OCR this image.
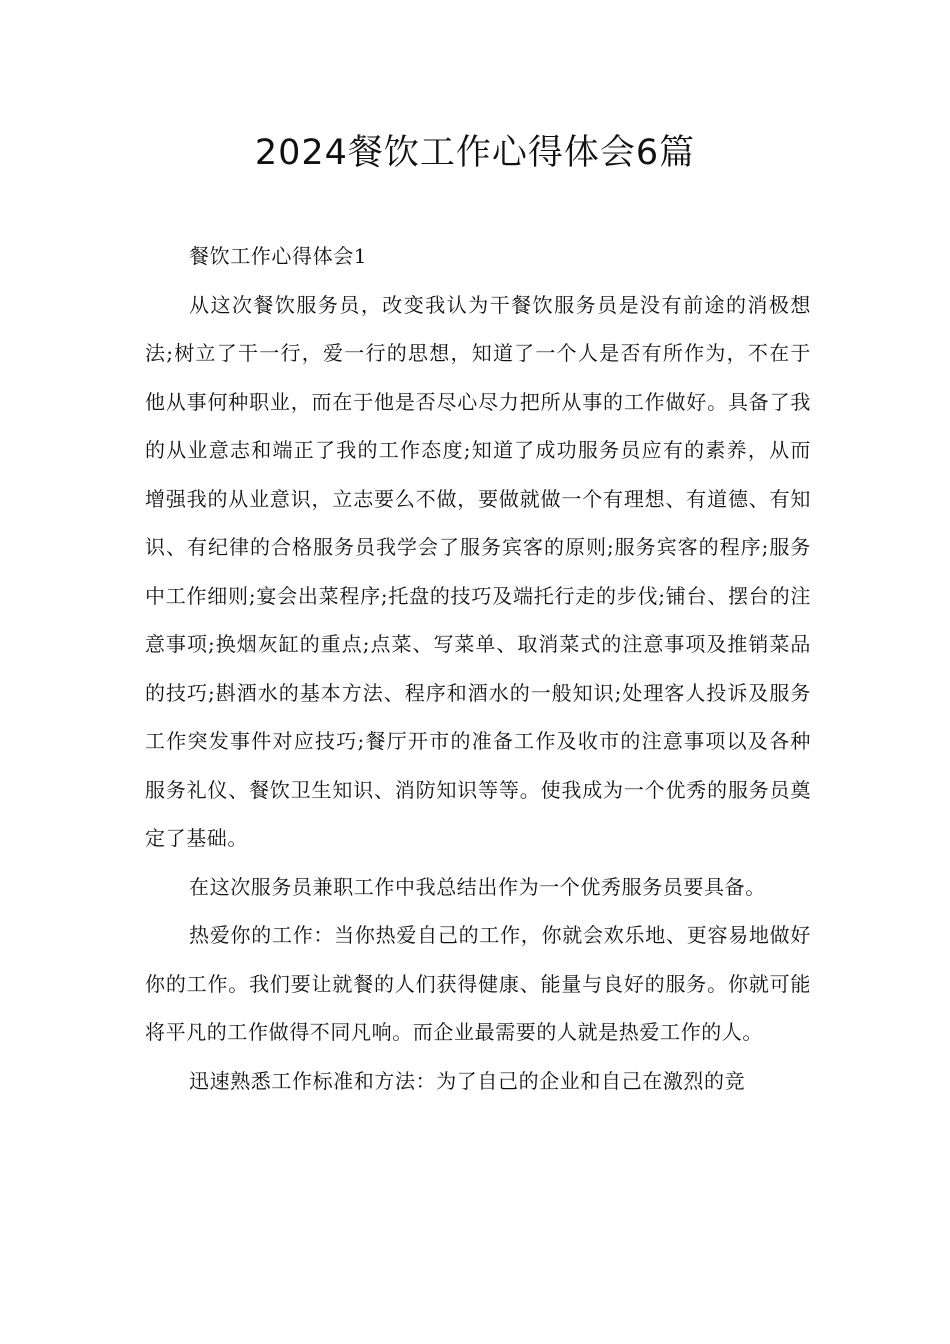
2024餐饮工作心得体会6篇

餐饮工作心得体会1

从这次餐饮服务员，改变我认为干餐饮服务员是没有前途的消极想法;树立了干一行，爱一行的思想，知道了一个人是否有所作为，不在于他从事何种职业，而在于他是否尽心尽力把所从事的工作做好。具备了我的从业意志和端正了我的工作态度;知道了成功服务员应有的素养，从而增强我的从业意识，立志要么不做，要做就做一个有理想、有道德、有知识、有纪律的合格服务员我学会了服务宾客的原则;服务宾客的程序;服务中工作细则;宴会出菜程序;托盘的技巧及端托行走的步伐;铺台、摆台的注意事项;换烟灰缸的重点;点菜、写菜单、取消菜式的注意事项及推销菜品的技巧;斟酒水的基本方法、程序和酒水的一般知识;处理客人投诉及服务工作突发事件对应技巧;餐厅开市的准备工作及收市的注意事项以及各种服务礼仪、餐饮卫生知识、消防知识等等。使我成为一个优秀的服务员奠定了基础。

在这次服务员兼职工作中我总结出作为一个优秀服务员要具备。

热爱你的工作：当你热爱自己的工作，你就会欢乐地、更容易地做好你的工作。我们要让就餐的人们获得健康、能量与良好的服务。你就可能将平凡的工作做得不同凡响。而企业最需要的人就是热爱工作的人。

迅速熟悉工作标准和方法：为了自己的企业和自己在激烈的竞
